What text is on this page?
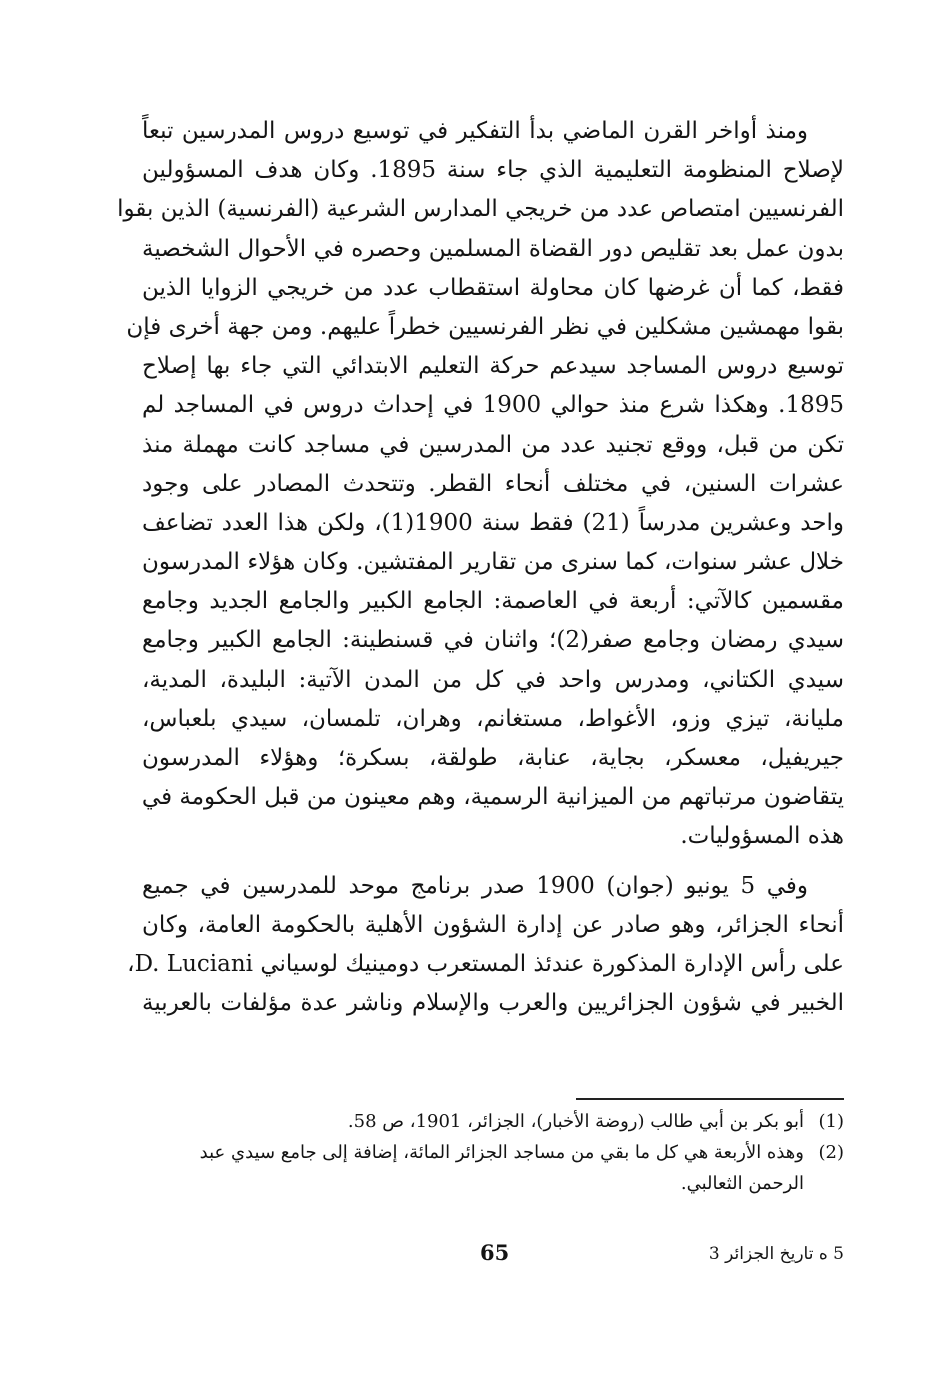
ومنذ أواخر القرن الماضي بدأ التفكير في توسيع دروس المدرسين تبعاً
لإصلاح المنظومة التعليمية الذي جاء سنة 1895. وكان هدف المسؤولين
الفرنسيين امتصاص عدد من خريجي المدارس الشرعية (الفرنسية) الذين بقوا
بدون عمل بعد تقليص دور القضاة المسلمين وحصره في الأحوال الشخصية
فقط، كما أن غرضها كان محاولة استقطاب عدد من خريجي الزوايا الذين
بقوا مهمشين مشكلين في نظر الفرنسيين خطراً عليهم. ومن جهة أخرى فإن
توسيع دروس المساجد سيدعم حركة التعليم الابتدائي التي جاء بها إصلاح
1895. وهكذا شرع منذ حوالي 1900 في إحداث دروس في المساجد لم
تكن من قبل، ووقع تجنيد عدد من المدرسين في مساجد كانت مهملة منذ
عشرات السنين، في مختلف أنحاء القطر. وتتحدث المصادر على وجود
واحد وعشرين مدرساً (21) فقط سنة 1900(1)، ولكن هذا العدد تضاعف
خلال عشر سنوات، كما سنرى من تقارير المفتشين. وكان هؤلاء المدرسون
مقسمين كالآتي: أربعة في العاصمة: الجامع الكبير والجامع الجديد وجامع
سيدي رمضان وجامع صفر(2)؛ واثنان في قسنطينة: الجامع الكبير وجامع
سيدي الكتاني، ومدرس واحد في كل من المدن الآتية: البليدة، المدية،
مليانة، تيزي وزو، الأغواط، مستغانم، وهران، تلمسان، سيدي بلعباس،
جيريفيل، معسكر، بجاية، عنابة، طولقة، بسكرة؛ وهؤلاء المدرسون
يتقاضون مرتباتهم من الميزانية الرسمية، وهم معينون من قبل الحكومة في
هذه المسؤوليات.

وفي 5 يونيو (جوان) 1900 صدر برنامج موحد للمدرسين في جميع
أنحاء الجزائر، وهو صادر عن إدارة الشؤون الأهلية بالحكومة العامة، وكان
على رأس الإدارة المذكورة عندئذ المستعرب دومينيك لوسياني D. Luciani،
الخبير في شؤون الجزائريين والعرب والإسلام وناشر عدة مؤلفات بالعربية

(1)
أبو بكر بن أبي طالب (روضة الأخبار)، الجزائر، 1901، ص 58.
(2)
وهذه الأربعة هي كل ما بقي من مساجد الجزائر المائة، إضافة إلى جامع سيدي عبد الرحمن الثعالبي.
5 ه تاريخ الجزائر 3
65
